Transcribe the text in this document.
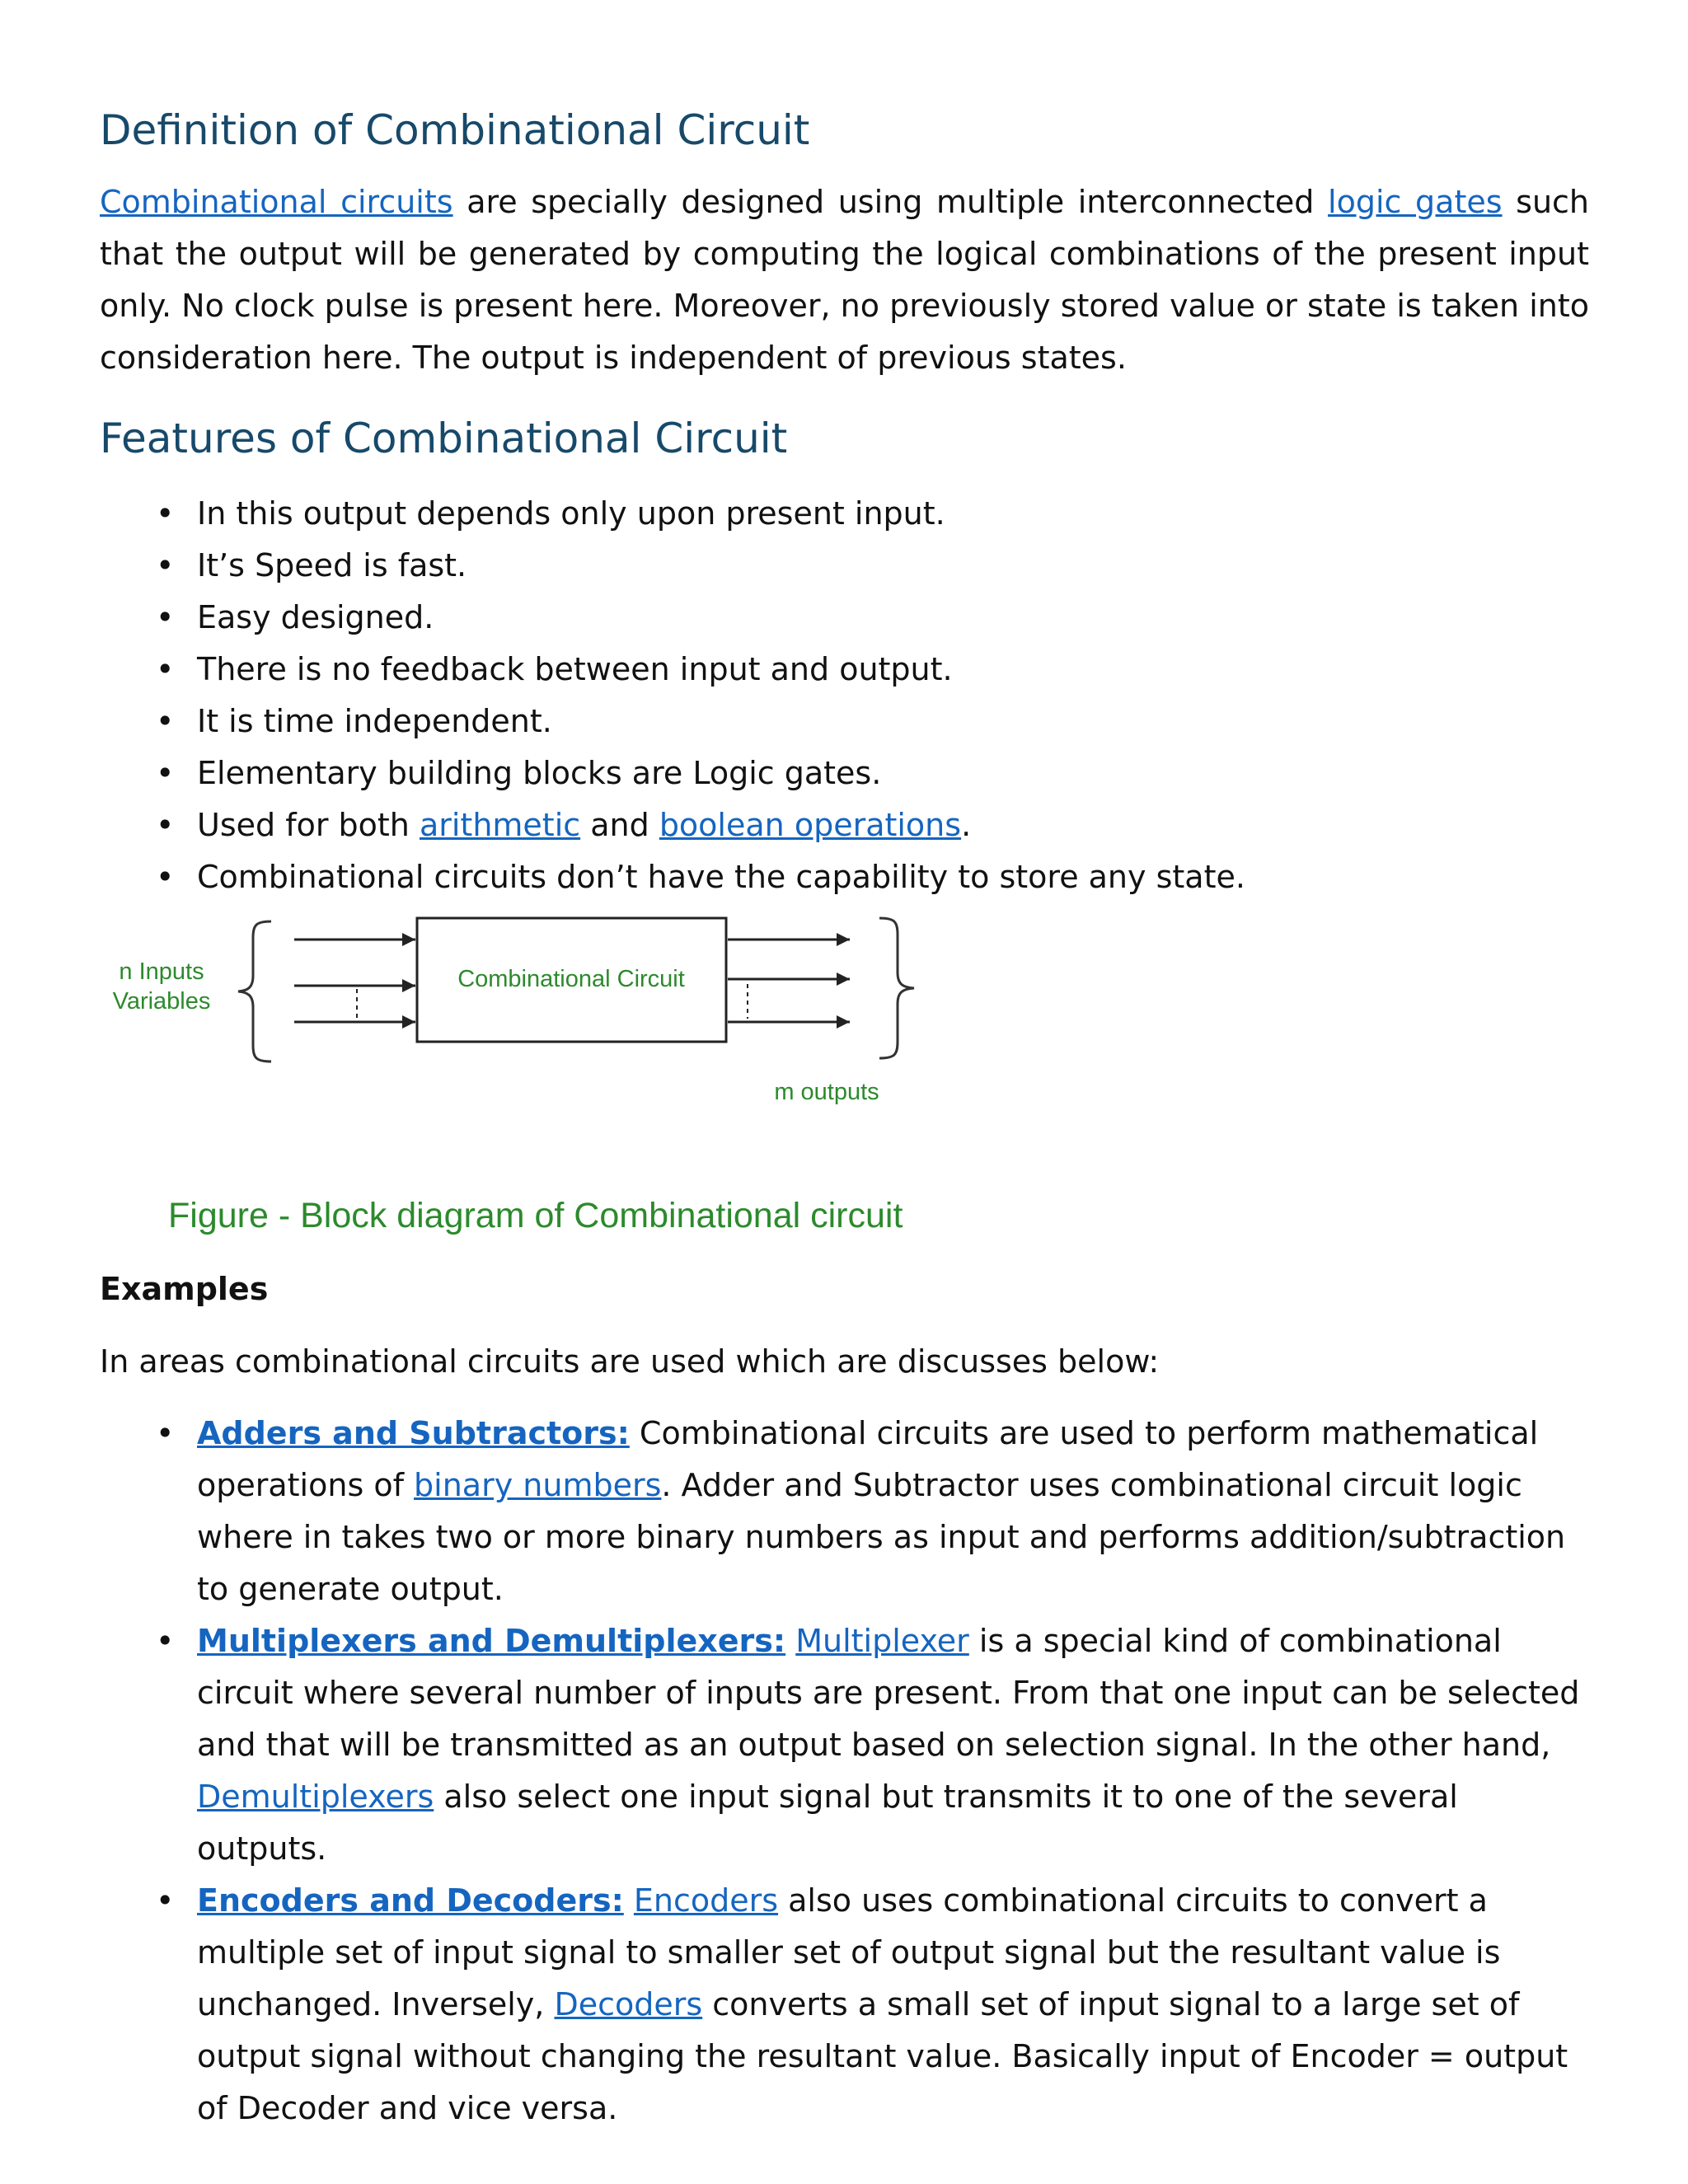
Definition of Combinational Circuit

Combinational circuits are specially designed using multiple interconnected logic gates such that the output will be generated by computing the logical combinations of the present input only. No clock pulse is present here. Moreover, no previously stored value or state is taken into consideration here. The output is independent of previous states.

Features of Combinational Circuit
• In this output depends only upon present input.
• It’s Speed is fast.
• Easy designed.
• There is no feedback between input and output.
• It is time independent.
• Elementary building blocks are Logic gates.
• Used for both arithmetic and boolean operations.
• Combinational circuits don’t have the capability to store any state.
n Inputs
Variables
Combinational Circuit
m outputs
Figure - Block diagram of Combinational circuit

Examples

In areas combinational circuits are used which are discusses below:

• Adders and Subtractors: Combinational circuits are used to perform mathematical operations of binary numbers. Adder and Subtractor uses combinational circuit logic where in takes two or more binary numbers as input and performs addition/subtraction to generate output.
• Multiplexers and Demultiplexers: Multiplexer is a special kind of combinational circuit where several number of inputs are present. From that one input can be selected and that will be transmitted as an output based on selection signal. In the other hand, Demultiplexers also select one input signal but transmits it to one of the several outputs.
• Encoders and Decoders: Encoders also uses combinational circuits to convert a multiple set of input signal to smaller set of output signal but the resultant value is unchanged. Inversely, Decoders converts a small set of input signal to a large set of output signal without changing the resultant value. Basically input of Encoder = output of Decoder and vice versa.
